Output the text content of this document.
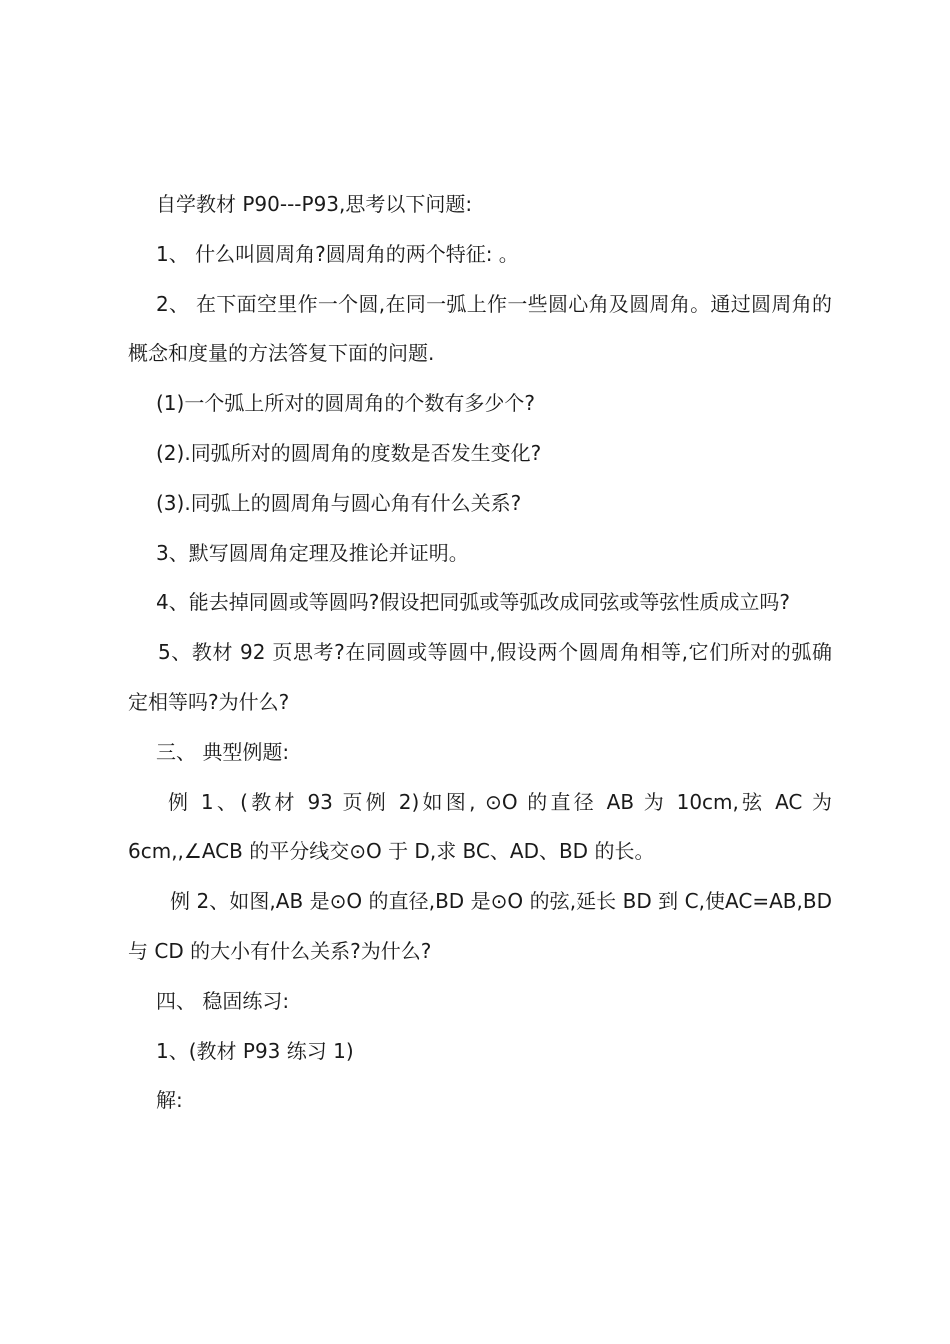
自学教材 P90---P93,思考以下问题:

1、 什么叫圆周角?圆周角的两个特征: 。

2、 在下面空里作一个圆,在同一弧上作一些圆心角及圆周角。通过圆周角的概念和度量的方法答复下面的问题.

(1)一个弧上所对的圆周角的个数有多少个?

(2).同弧所对的圆周角的度数是否发生变化?

(3).同弧上的圆周角与圆心角有什么关系?

3、默写圆周角定理及推论并证明。

4、能去掉同圆或等圆吗?假设把同弧或等弧改成同弦或等弦性质成立吗?

5、教材 92 页思考?在同圆或等圆中,假设两个圆周角相等,它们所对的弧确定相等吗?为什么?

三、 典型例题:

例 1、(教材 93 页例 2)如图, ⊙O 的直径 AB 为 10cm,弦 AC 为6cm,,∠ACB 的平分线交⊙O 于 D,求 BC、AD、BD 的长。

例 2、如图,AB 是⊙O 的直径,BD 是⊙O 的弦,延长 BD 到 C,使AC=AB,BD 与 CD 的大小有什么关系?为什么?

四、 稳固练习:

1、(教材 P93 练习 1)

解:
